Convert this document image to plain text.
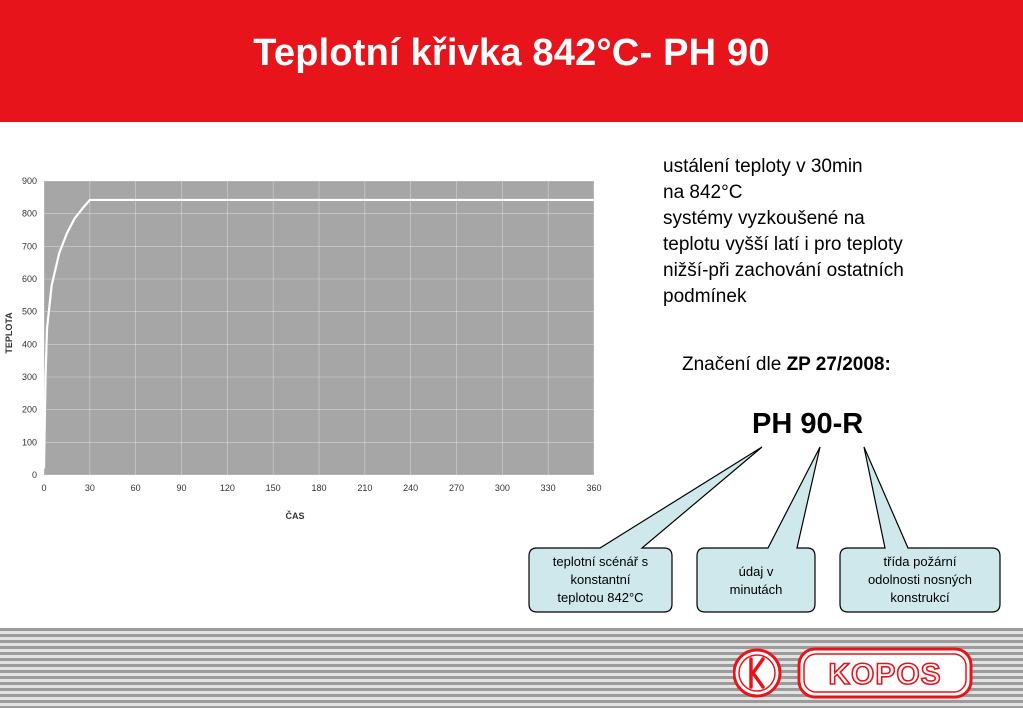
Teplotní křivka 842°C- PH 90
0	30	60	90	120	150	180	210	240	270	300	330	360
0
100
200
300
400
500
600
700
800
900
ČAS
TEPLOTA
ustálení teploty v 30min
na 842°C
systémy vyzkoušené na
teplotu vyšší latí i pro teploty
nižší-při zachování ostatních
podmínek
Značení dle ZP 27/2008:
PH 90-R
teplotní scénář s
konstantní
teplotou 842°C
údaj v
minutách
třída požární
odolnosti nosných
konstrukcí
KOPOS
